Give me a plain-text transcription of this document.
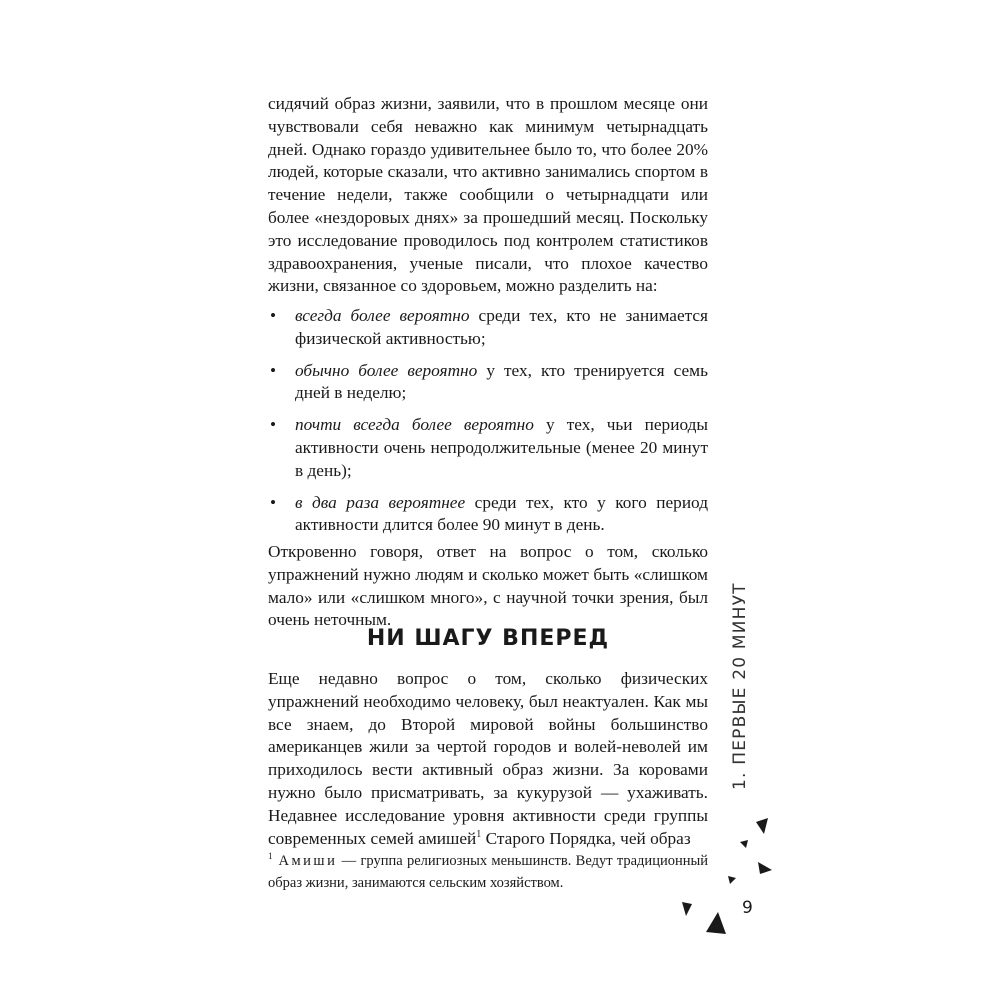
сидячий образ жизни, заявили, что в прошлом месяце они чувствовали себя неважно как минимум четырнадцать дней. Однако гораздо удивительнее было то, что более 20% людей, которые сказали, что активно занимались спортом в течение недели, также сообщили о четырнадцати или более «нездоровых днях» за прошедший месяц. Поскольку это исследование проводилось под контролем статистиков здравоохранения, ученые писали, что плохое качество жизни, связанное со здоровьем, можно разделить на:

• всегда более вероятно среди тех, кто не занимается физической активностью;
• обычно более вероятно у тех, кто тренируется семь дней в неделю;
• почти всегда более вероятно у тех, чьи периоды активности очень непродолжительные (менее 20 минут в день);
• в два раза вероятнее среди тех, кто у кого период активности длится более 90 минут в день.

Откровенно говоря, ответ на вопрос о том, сколько упражнений нужно людям и сколько может быть «слишком мало» или «слишком много», с научной точки зрения, был очень неточным.

НИ ШАГУ ВПЕРЕД

Еще недавно вопрос о том, сколько физических упражнений необходимо человеку, был неактуален. Как мы все знаем, до Второй мировой войны большинство американцев жили за чертой городов и волей-неволей им приходилось вести активный образ жизни. За коровами нужно было присматривать, за кукурузой — ухаживать. Недавнее исследование уровня активности среди группы современных семей амишей$^1$ Старого Порядка, чей образ

$^1$ Амиши — группа религиозных меньшинств. Ведут традиционный образ жизни, занимаются сельским хозяйством.

1. ПЕРВЫЕ 20 МИНУТ
9
